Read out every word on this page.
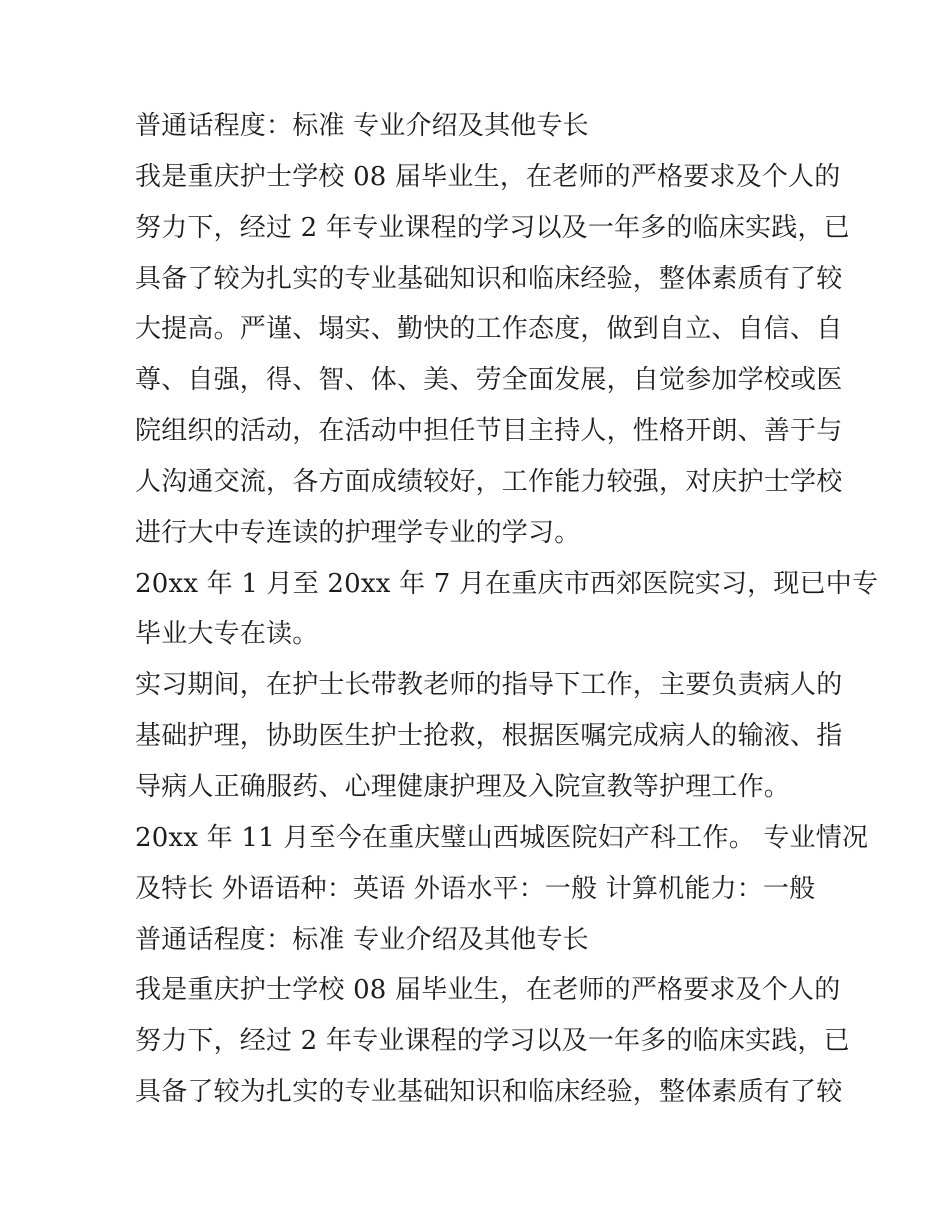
普通话程度：标准 专业介绍及其他专长
我是重庆护士学校 08 届毕业生，在老师的严格要求及个人的
努力下，经过 2 年专业课程的学习以及一年多的临床实践，已
具备了较为扎实的专业基础知识和临床经验，整体素质有了较
大提高。严谨、塌实、勤快的工作态度，做到自立、自信、自
尊、自强，得、智、体、美、劳全面发展，自觉参加学校或医
院组织的活动，在活动中担任节目主持人，性格开朗、善于与
人沟通交流，各方面成绩较好，工作能力较强，对庆护士学校
进行大中专连读的护理学专业的学习。
20xx 年 1 月至 20xx 年 7 月在重庆市西郊医院实习，现已中专
毕业大专在读。
实习期间，在护士长带教老师的指导下工作，主要负责病人的
基础护理，协助医生护士抢救，根据医嘱完成病人的输液、指
导病人正确服药、心理健康护理及入院宣教等护理工作。
20xx 年 11 月至今在重庆璧山西城医院妇产科工作。 专业情况
及特长 外语语种：英语 外语水平：一般 计算机能力：一般
普通话程度：标准 专业介绍及其他专长
我是重庆护士学校 08 届毕业生，在老师的严格要求及个人的
努力下，经过 2 年专业课程的学习以及一年多的临床实践，已
具备了较为扎实的专业基础知识和临床经验，整体素质有了较
